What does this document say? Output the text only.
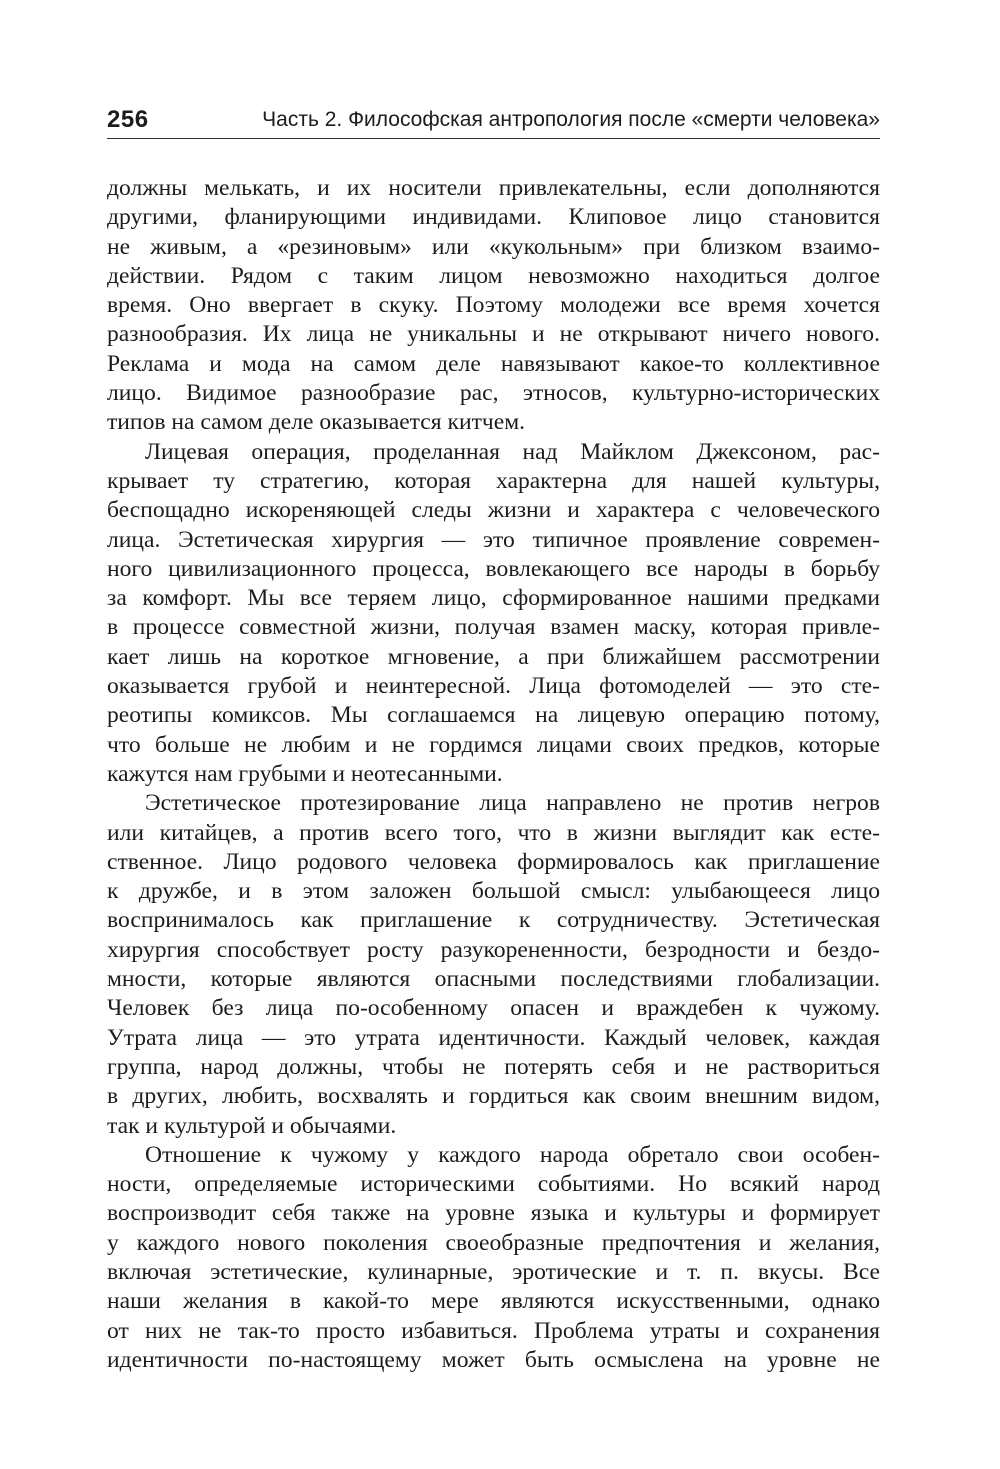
256	Часть 2. Философская антропология после «смерти человека»
должны мелькать, и их носители привлекательны, если дополняются
другими, фланирующими индивидами. Клиповое лицо становится
не живым, а «резиновым» или «кукольным» при близком взаимо-
действии. Рядом с таким лицом невозможно находиться долгое
время. Оно ввергает в скуку. Поэтому молодежи все время хочется
разнообразия. Их лица не уникальны и не открывают ничего нового.
Реклама и мода на самом деле навязывают какое-то коллективное
лицо. Видимое разнообразие рас, этносов, культурно-исторических
типов на самом деле оказывается китчем.
Лицевая операция, проделанная над Майклом Джексоном, рас-
крывает ту стратегию, которая характерна для нашей культуры,
беспощадно искореняющей следы жизни и характера с человеческого
лица. Эстетическая хирургия — это типичное проявление современ-
ного цивилизационного процесса, вовлекающего все народы в борьбу
за комфорт. Мы все теряем лицо, сформированное нашими предками
в процессе совместной жизни, получая взамен маску, которая привле-
кает лишь на короткое мгновение, а при ближайшем рассмотрении
оказывается грубой и неинтересной. Лица фотомоделей — это сте-
реотипы комиксов. Мы соглашаемся на лицевую операцию потому,
что больше не любим и не гордимся лицами своих предков, которые
кажутся нам грубыми и неотесанными.
Эстетическое протезирование лица направлено не против негров
или китайцев, а против всего того, что в жизни выглядит как есте-
ственное. Лицо родового человека формировалось как приглашение
к дружбе, и в этом заложен большой смысл: улыбающееся лицо
воспринималось как приглашение к сотрудничеству. Эстетическая
хирургия способствует росту разукорененности, безродности и бездо-
мности, которые являются опасными последствиями глобализации.
Человек без лица по-особенному опасен и враждебен к чужому.
Утрата лица — это утрата идентичности. Каждый человек, каждая
группа, народ должны, чтобы не потерять себя и не раствориться
в других, любить, восхвалять и гордиться как своим внешним видом,
так и культурой и обычаями.
Отношение к чужому у каждого народа обретало свои особен-
ности, определяемые историческими событиями. Но всякий народ
воспроизводит себя также на уровне языка и культуры и формирует
у каждого нового поколения своеобразные предпочтения и желания,
включая эстетические, кулинарные, эротические и т. п. вкусы. Все
наши желания в какой-то мере являются искусственными, однако
от них не так-то просто избавиться. Проблема утраты и сохранения
идентичности по-настоящему может быть осмыслена на уровне не
